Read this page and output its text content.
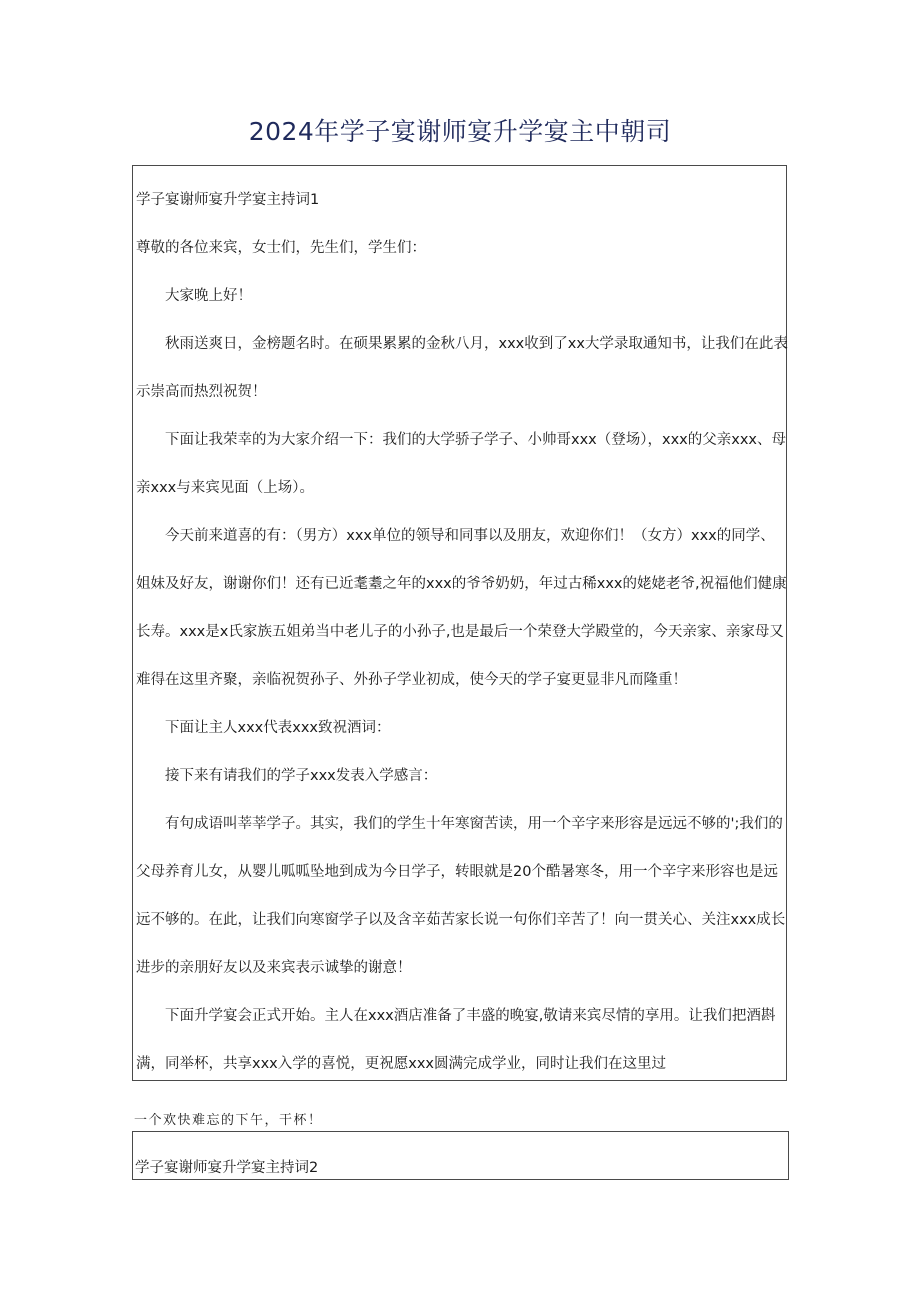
2024年学子宴谢师宴升学宴主中朝司
学子宴谢师宴升学宴主持词1
尊敬的各位来宾，女士们，先生们，学生们：
大家晚上好！
秋雨送爽日，金榜题名时。在硕果累累的金秋八月，xxx收到了xx大学录取通知书，让我们在此表
示崇高而热烈祝贺！
下面让我荣幸的为大家介绍一下：我们的大学骄子学子、小帅哥xxx（登场），xxx的父亲xxx、母
亲xxx与来宾见面（上场）。
今天前来道喜的有：（男方）xxx单位的领导和同事以及朋友，欢迎你们！（女方）xxx的同学、
姐妹及好友，谢谢你们！还有已近耄耋之年的xxx的爷爷奶奶，年过古稀xxx的姥姥老爷,祝福他们健康
长寿。xxx是x氏家族五姐弟当中老儿子的小孙子,也是最后一个荣登大学殿堂的，今天亲家、亲家母又
难得在这里齐聚，亲临祝贺孙子、外孙子学业初成，使今天的学子宴更显非凡而隆重！
下面让主人xxx代表xxx致祝酒词：
接下来有请我们的学子xxx发表入学感言：
有句成语叫莘莘学子。其实，我们的学生十年寒窗苦读，用一个辛字来形容是远远不够的';我们的
父母养育儿女，从婴儿呱呱坠地到成为今日学子，转眼就是20个酷暑寒冬，用一个辛字来形容也是远
远不够的。在此，让我们向寒窗学子以及含辛茹苦家长说一句你们辛苦了！向一贯关心、关注xxx成长
进步的亲朋好友以及来宾表示诚挚的谢意！
下面升学宴会正式开始。主人在xxx酒店准备了丰盛的晚宴,敬请来宾尽情的享用。让我们把酒斟
满，同举杯，共享xxx入学的喜悦，更祝愿xxx圆满完成学业，同时让我们在这里过
一个欢快难忘的下午，干杯！
学子宴谢师宴升学宴主持词2
